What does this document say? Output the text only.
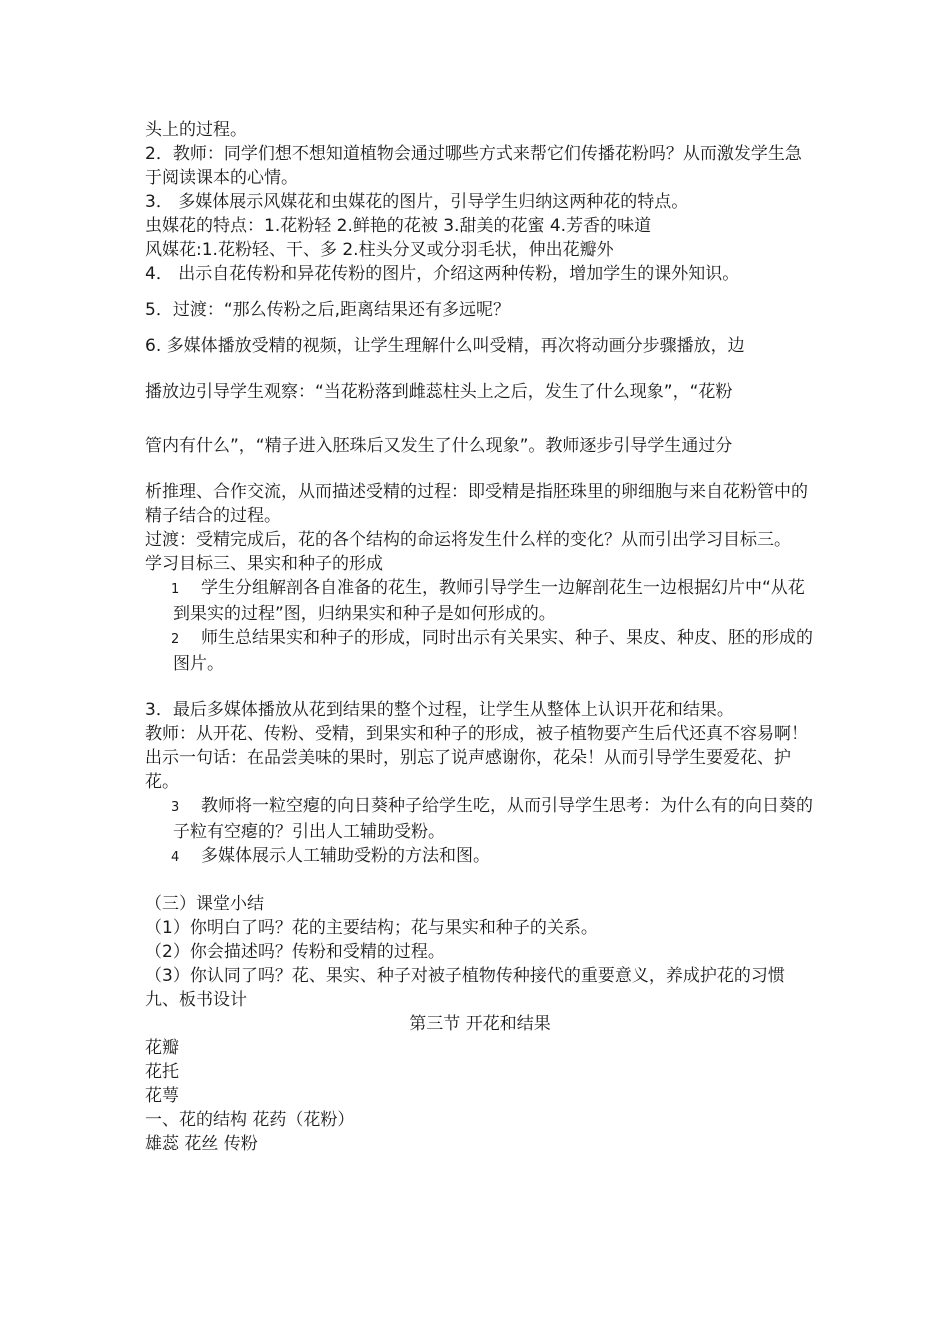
头上的过程。
2．教师：同学们想不想知道植物会通过哪些方式来帮它们传播花粉吗？从而激发学生急于阅读课本的心情。
3． 多媒体展示风媒花和虫媒花的图片，引导学生归纳这两种花的特点。
虫媒花的特点：1.花粉轻 2.鲜艳的花被 3.甜美的花蜜 4.芳香的味道
风媒花:1.花粉轻、干、多 2.柱头分叉或分羽毛状，伸出花瓣外
4． 出示自花传粉和异花传粉的图片，介绍这两种传粉，增加学生的课外知识。
5．过渡：“那么传粉之后,距离结果还有多远呢？
6. 多媒体播放受精的视频，让学生理解什么叫受精，再次将动画分步骤播放，边
播放边引导学生观察：“当花粉落到雌蕊柱头上之后，发生了什么现象”，“花粉
管内有什么”，“精子进入胚珠后又发生了什么现象”。教师逐步引导学生通过分
析推理、合作交流，从而描述受精的过程：即受精是指胚珠里的卵细胞与来自花粉管中的精子结合的过程。
过渡：受精完成后，花的各个结构的命运将发生什么样的变化？从而引出学习目标三。
学习目标三、果实和种子的形成
1 学生分组解剖各自准备的花生，教师引导学生一边解剖花生一边根据幻片中“从花到果实的过程”图，归纳果实和种子是如何形成的。
2 师生总结果实和种子的形成，同时出示有关果实、种子、果皮、种皮、胚的形成的图片。
3．最后多媒体播放从花到结果的整个过程，让学生从整体上认识开花和结果。
教师：从开花、传粉、受精，到果实和种子的形成，被子植物要产生后代还真不容易啊！出示一句话：在品尝美味的果时，别忘了说声感谢你，花朵！从而引导学生要爱花、护花。
3 教师将一粒空瘪的向日葵种子给学生吃，从而引导学生思考：为什么有的向日葵的子粒有空瘪的？引出人工辅助受粉。
4 多媒体展示人工辅助受粉的方法和图。
（三）课堂小结
（1）你明白了吗？花的主要结构；花与果实和种子的关系。
（2）你会描述吗？传粉和受精的过程。
（3）你认同了吗？花、果实、种子对被子植物传种接代的重要意义，养成护花的习惯
九、板书设计
第三节 开花和结果
花瓣
花托
花萼
一、花的结构 花药（花粉）
雄蕊 花丝 传粉
